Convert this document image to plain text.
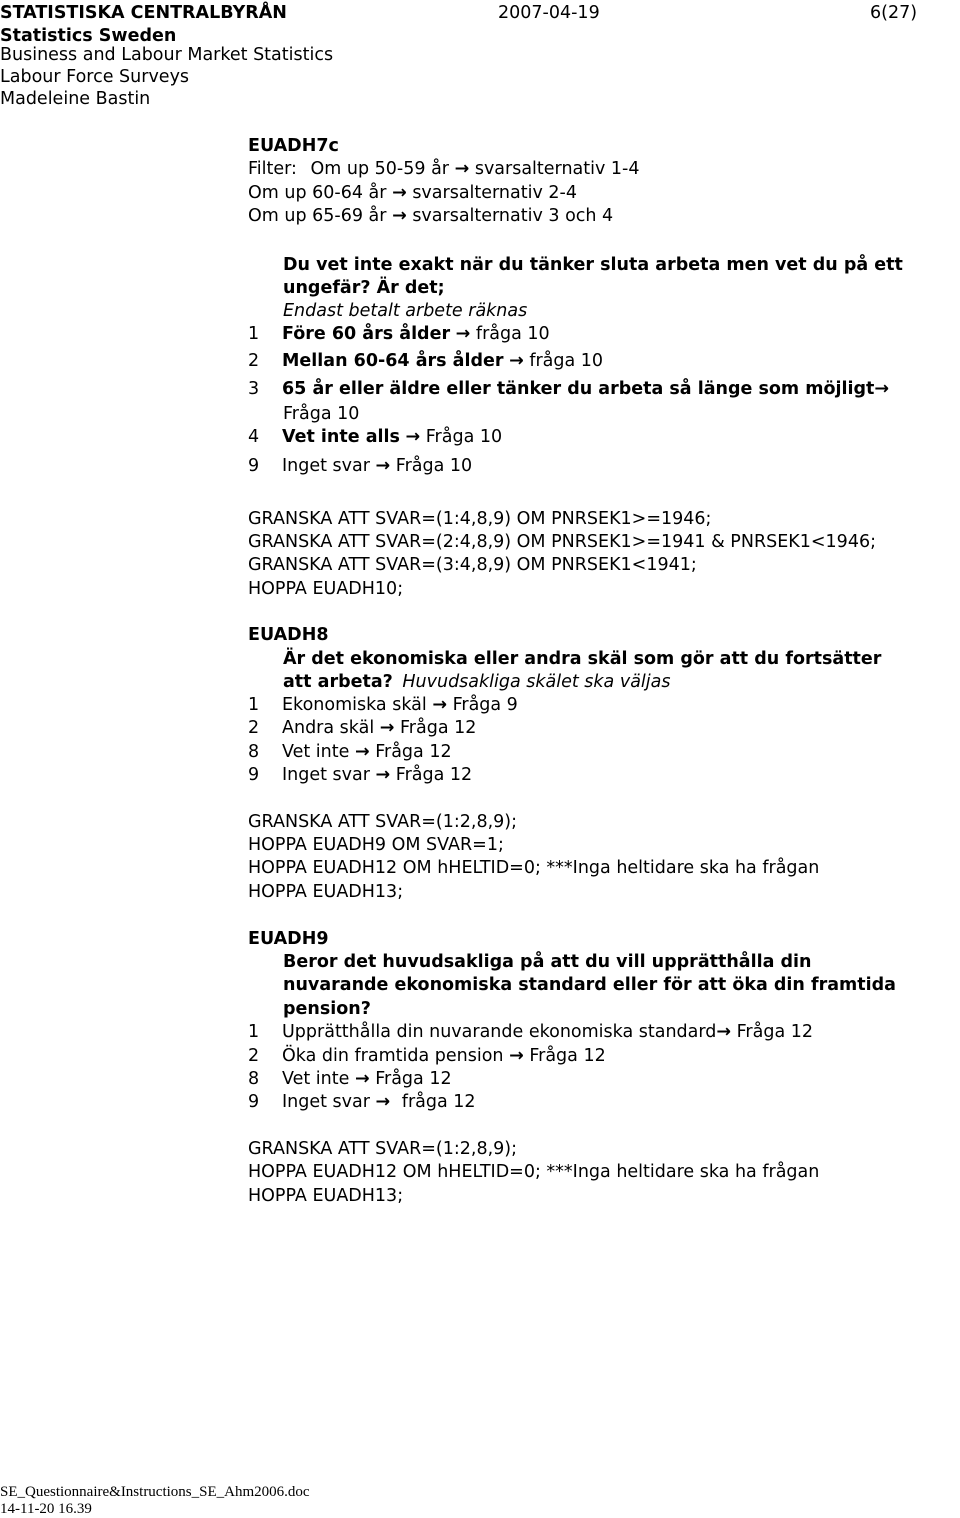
STATISTISKA CENTRALBYRÅN	2007-04-19	6(27)
Statistics Sweden
Business and Labour Market Statistics
Labour Force Surveys
Madeleine Bastin
EUADH7c
Filter: Om up 50-59 år → svarsalternativ 1-4
Om up 60-64 år → svarsalternativ 2-4
Om up 65-69 år → svarsalternativ 3 och 4
Du vet inte exakt när du tänker sluta arbeta men vet du på ett
ungefär? Är det;
Endast betalt arbete räknas
1 Före 60 års ålder → fråga 10
2 Mellan 60-64 års ålder → fråga 10
3 65 år eller äldre eller tänker du arbeta så länge som möjligt→
Fråga 10
4 Vet inte alls → Fråga 10
9 Inget svar → Fråga 10
GRANSKA ATT SVAR=(1:4,8,9) OM PNRSEK1>=1946;
GRANSKA ATT SVAR=(2:4,8,9) OM PNRSEK1>=1941 & PNRSEK1<1946;
GRANSKA ATT SVAR=(3:4,8,9) OM PNRSEK1<1941;
HOPPA EUADH10;
EUADH8
Är det ekonomiska eller andra skäl som gör att du fortsätter
att arbeta? Huvudsakliga skälet ska väljas
1 Ekonomiska skäl → Fråga 9
2 Andra skäl → Fråga 12
8 Vet inte → Fråga 12
9 Inget svar → Fråga 12
GRANSKA ATT SVAR=(1:2,8,9);
HOPPA EUADH9 OM SVAR=1;
HOPPA EUADH12 OM hHELTID=0; ***Inga heltidare ska ha frågan
HOPPA EUADH13;
EUADH9
Beror det huvudsakliga på att du vill upprätthålla din
nuvarande ekonomiska standard eller för att öka din framtida
pension?
1 Upprätthålla din nuvarande ekonomiska standard → Fråga 12
2 Öka din framtida pension → Fråga 12
8 Vet inte → Fråga 12
9 Inget svar → fråga 12
GRANSKA ATT SVAR=(1:2,8,9);
HOPPA EUADH12 OM hHELTID=0; ***Inga heltidare ska ha frågan
HOPPA EUADH13;
SE_Questionnaire&Instructions_SE_Ahm2006.doc
14-11-20 16.39
